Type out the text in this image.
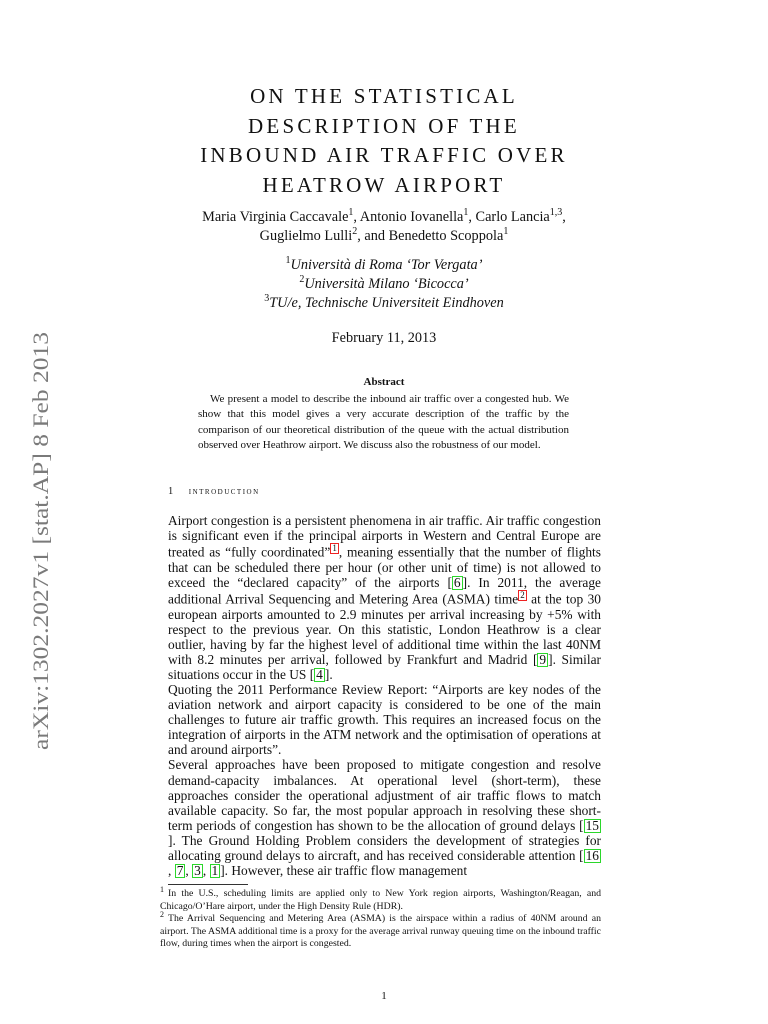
arXiv:1302.2027v1 [stat.AP] 8 Feb 2013
ON THE STATISTICAL
DESCRIPTION OF THE
INBOUND AIR TRAFFIC OVER
HEATROW AIRPORT
Maria Virginia Caccavale$^1$, Antonio Iovanella$^1$, Carlo Lancia$^{1,3}$,
Guglielmo Lulli$^2$, and Benedetto Scoppola$^1$
$^1$Università di Roma ‘Tor Vergata’
$^2$Università Milano ‘Bicocca’
$^3$TU/e, Technische Universiteit Eindhoven
February 11, 2013
Abstract
We present a model to describe the inbound air traffic over a congested hub. We show that this model gives a very accurate description of the traffic by the comparison of our theoretical distribution of the queue with the actual distribution observed over Heathrow airport. We discuss also the robustness of our model.
1 introduction

Airport congestion is a persistent phenomena in air traffic. Air traffic congestion is significant even if the principal airports in Western and Central Europe are treated as “fully coordinated” 1 , meaning essentially that the number of flights that can be scheduled there per hour (or other unit of time) is not allowed to exceed the “declared capacity” of the airports [ 6 ]. In 2011, the average additional Arrival Sequencing and Metering Area (ASMA) time 2 at the top 30 european airports amounted to 2.9 minutes per arrival increasing by +5% with respect to the previous year. On this statistic, London Heathrow is a clear outlier, having by far the highest level of additional time within the last 40NM with 8.2 minutes per arrival, followed by Frankfurt and Madrid [ 9 ]. Similar situations occur in the US [ 4 ].

Quoting the 2011 Performance Review Report: “Airports are key nodes of the aviation network and airport capacity is considered to be one of the main challenges to future air traffic growth. This requires an increased focus on the integration of airports in the ATM network and the optimisation of operations at and around airports”.

Several approaches have been proposed to mitigate congestion and resolve demand-capacity imbalances. At operational level (short-term), these approaches consider the operational adjustment of air traffic flows to match available capacity. So far, the most popular approach in resolving these short-term periods of congestion has shown to be the allocation of ground delays [ 15]. The Ground Holding Problem considers the development of strategies for allocating ground delays to aircraft, and has received considerable attention [ 16, 7 , 3 , 1 ]. However, these air traffic flow management

1 In the U.S., scheduling limits are applied only to New York region airports, Washington/Reagan, and Chicago/O’Hare airport, under the High Density Rule (HDR).

2 The Arrival Sequencing and Metering Area (ASMA) is the airspace within a radius of 40NM around an airport. The ASMA additional time is a proxy for the average arrival runway queuing time on the inbound traffic flow, during times when the airport is congested.

1
